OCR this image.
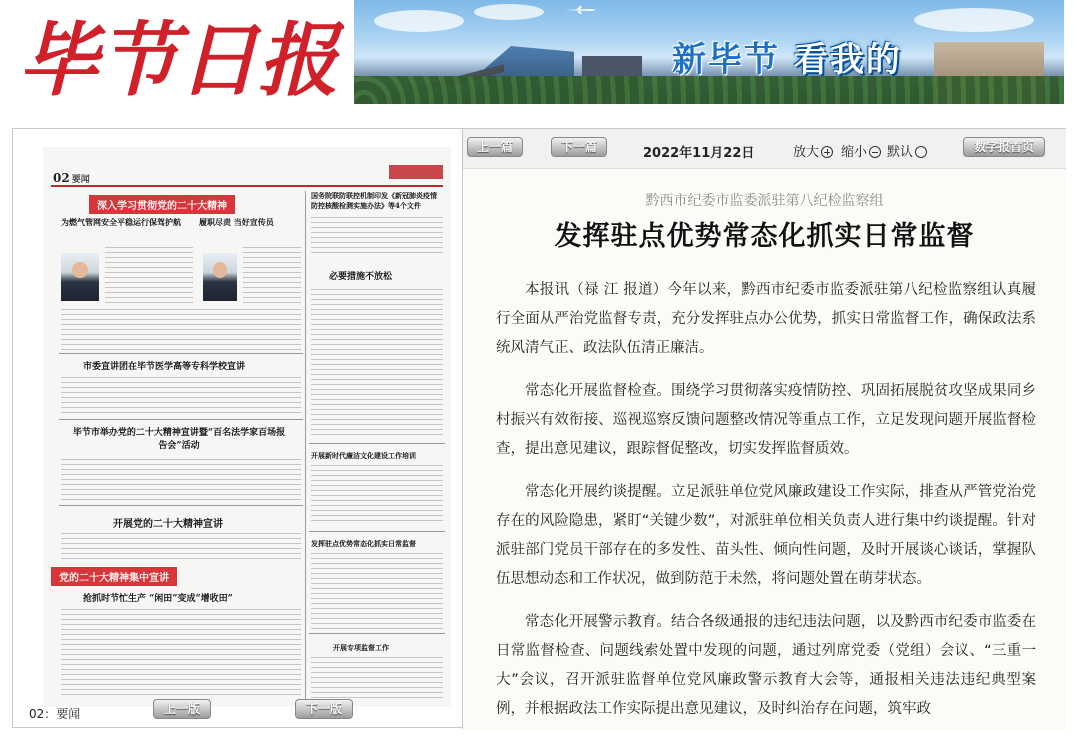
毕节日报	新毕节 看我的
02 要闻
深入学习贯彻党的二十大精神
为燃气管网安全平稳运行保驾护航 履职尽责 当好宣传员
市委宣讲团在毕节医学高等专科学校宣讲
毕节市举办党的二十大精神宣讲暨“百名法学家百场报告会”活动
开展党的二十大精神宣讲
党的二十大精神集中宣讲
抢抓时节忙生产 “闲田”变成“增收田”
国务院联防联控机制印发《新冠肺炎疫情防控核酸检测实施办法》等4个文件
必要措施不放松
开展新时代廉洁文化建设工作培训
发挥驻点优势常态化抓实日常监督
开展专项监督工作
02：要闻	上一版	下一版
上一篇	下一篇	2022年11月22日	放大	缩小	默认	数字报首页
黔西市纪委市监委派驻第八纪检监察组
发挥驻点优势常态化抓实日常监督

本报讯（禄 江 报道）今年以来，黔西市纪委市监委派驻第八纪检监察组认真履行全面从严治党监督专责，充分发挥驻点办公优势，抓实日常监督工作，确保政法系统风清气正、政法队伍清正廉洁。

常态化开展监督检查。围绕学习贯彻落实疫情防控、巩固拓展脱贫攻坚成果同乡村振兴有效衔接、巡视巡察反馈问题整改情况等重点工作，立足发现问题开展监督检查，提出意见建议，跟踪督促整改，切实发挥监督质效。

常态化开展约谈提醒。立足派驻单位党风廉政建设工作实际，排查从严管党治党存在的风险隐患，紧盯“关键少数”，对派驻单位相关负责人进行集中约谈提醒。针对派驻部门党员干部存在的多发性、苗头性、倾向性问题，及时开展谈心谈话，掌握队伍思想动态和工作状况，做到防范于未然，将问题处置在萌芽状态。

常态化开展警示教育。结合各级通报的违纪违法问题，以及黔西市纪委市监委在日常监督检查、问题线索处置中发现的问题，通过列席党委（党组）会议、“三重一大”会议，召开派驻监督单位党风廉政警示教育大会等，通报相关违法违纪典型案例，并根据政法工作实际提出意见建议，及时纠治存在问题，筑牢政
